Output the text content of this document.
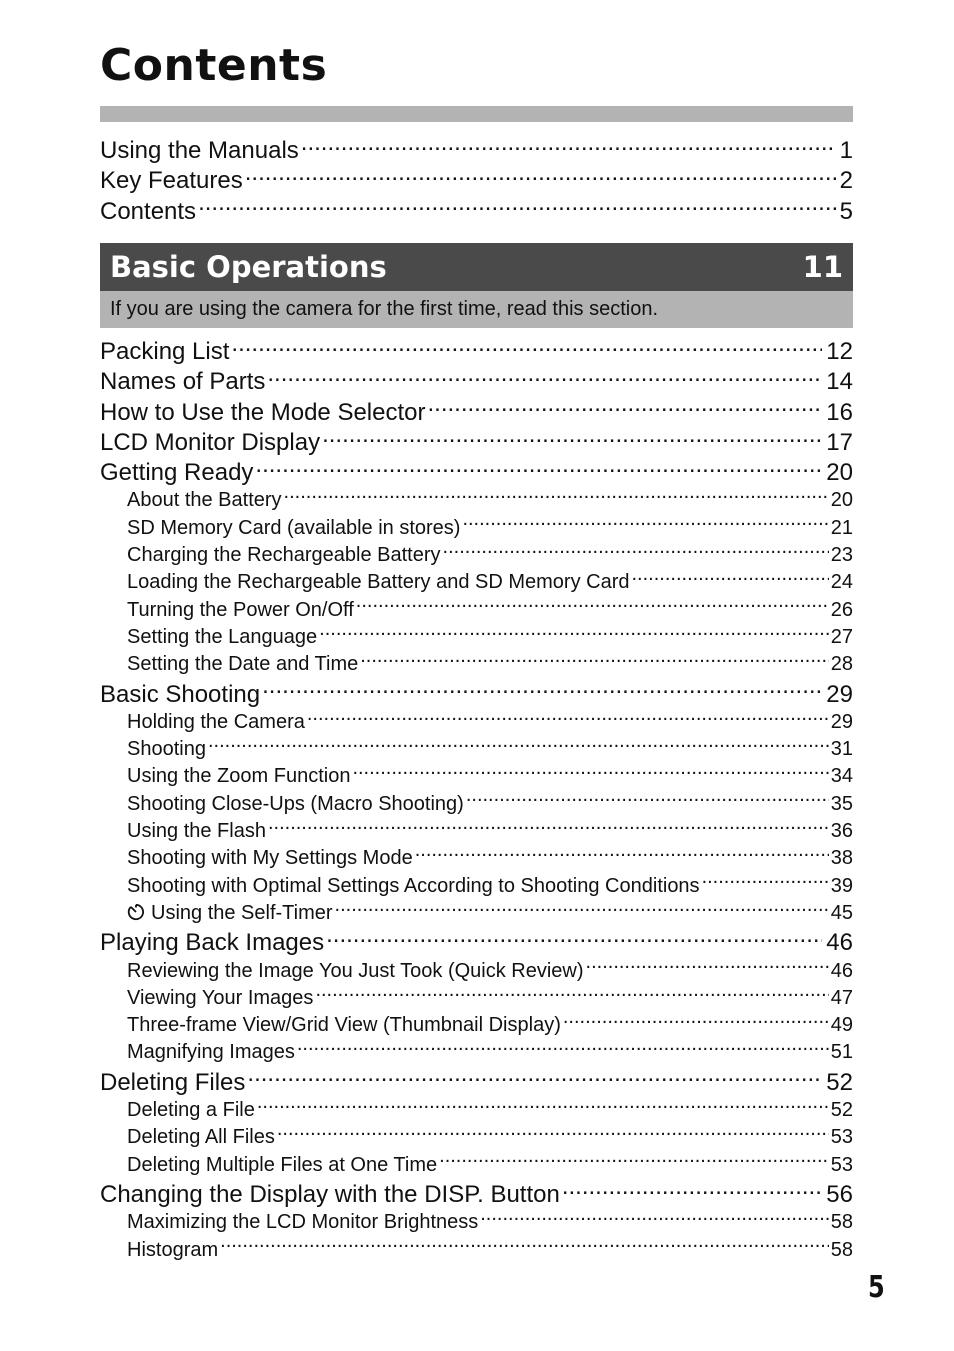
Contents
Using the Manuals .....	1
Key Features .....	2
Contents .....	5
Basic Operations	11
If you are using the camera for the first time, read this section.
Packing List .....	12
Names of Parts .....	14
How to Use the Mode Selector .....	16
LCD Monitor Display .....	17
Getting Ready .....	20
About the Battery .....	20
SD Memory Card (available in stores) .....	21
Charging the Rechargeable Battery .....	23
Loading the Rechargeable Battery and SD Memory Card .....	24
Turning the Power On/Off .....	26
Setting the Language .....	27
Setting the Date and Time .....	28
Basic Shooting .....	29
Holding the Camera .....	29
Shooting .....	31
Using the Zoom Function .....	34
Shooting Close-Ups (Macro Shooting) .....	35
Using the Flash .....	36
Shooting with My Settings Mode .....	38
Shooting with Optimal Settings According to Shooting Conditions .....	39
Using the Self-Timer .....	45
Playing Back Images .....	46
Reviewing the Image You Just Took (Quick Review) .....	46
Viewing Your Images .....	47
Three-frame View/Grid View (Thumbnail Display) .....	49
Magnifying Images .....	51
Deleting Files .....	52
Deleting a File .....	52
Deleting All Files .....	53
Deleting Multiple Files at One Time .....	53
Changing the Display with the DISP. Button .....	56
Maximizing the LCD Monitor Brightness .....	58
Histogram .....	58
5
